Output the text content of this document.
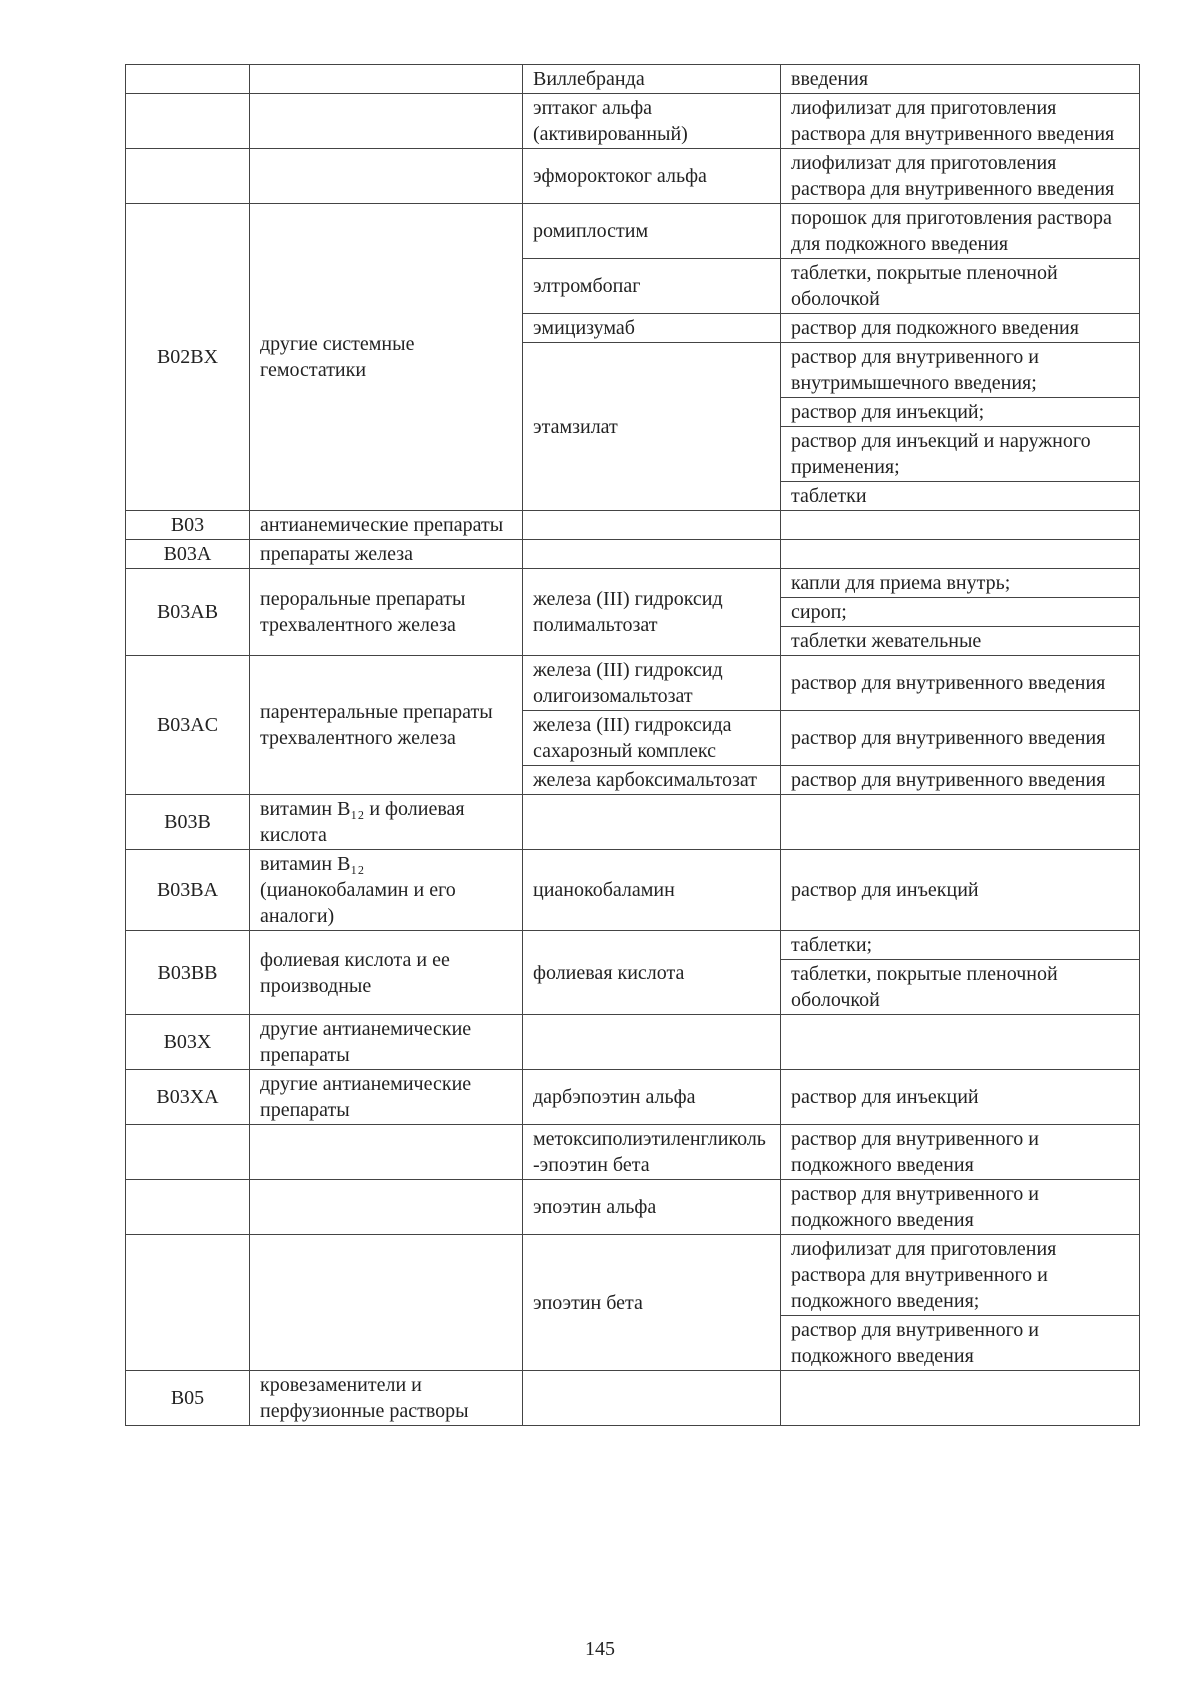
		Виллебранда	введения
		эптаког альфа (активированный)	лиофилизат для приготовления раствора для внутривенного введения
		эфмороктоког альфа	лиофилизат для приготовления раствора для внутривенного введения
B02BX	другие системные гемостатики	ромиплостим	порошок для приготовления раствора для подкожного введения
		элтромбопаг	таблетки, покрытые пленочной оболочкой
		эмицизумаб	раствор для подкожного введения
		этамзилат	раствор для внутривенного и внутримышечного введения;
			раствор для инъекций;
			раствор для инъекций и наружного применения;
			таблетки
B03	антианемические препараты		
B03A	препараты железа		
B03AB	пероральные препараты трехвалентного железа	железа (III) гидроксид полимальтозат	капли для приема внутрь;
			сироп;
			таблетки жевательные
B03AC	парентеральные препараты трехвалентного железа	железа (III) гидроксид олигоизомальтозат	раствор для внутривенного введения
		железа (III) гидроксида сахарозный комплекс	раствор для внутривенного введения
		железа карбоксимальтозат	раствор для внутривенного введения
B03B	витамин B₁₂ и фолиевая кислота		
B03BA	витамин B₁₂ (цианокобаламин и его аналоги)	цианокобаламин	раствор для инъекций
B03BB	фолиевая кислота и ее производные	фолиевая кислота	таблетки;
			таблетки, покрытые пленочной оболочкой
B03X	другие антианемические препараты		
B03XA	другие антианемические препараты	дарбэпоэтин альфа	раствор для инъекций
		метоксиполиэтиленгликоль-эпоэтин бета	раствор для внутривенного и подкожного введения
		эпоэтин альфа	раствор для внутривенного и подкожного введения
		эпоэтин бета	лиофилизат для приготовления раствора для внутривенного и подкожного введения;
			раствор для внутривенного и подкожного введения
B05	кровезаменители и перфузионные растворы		
145
